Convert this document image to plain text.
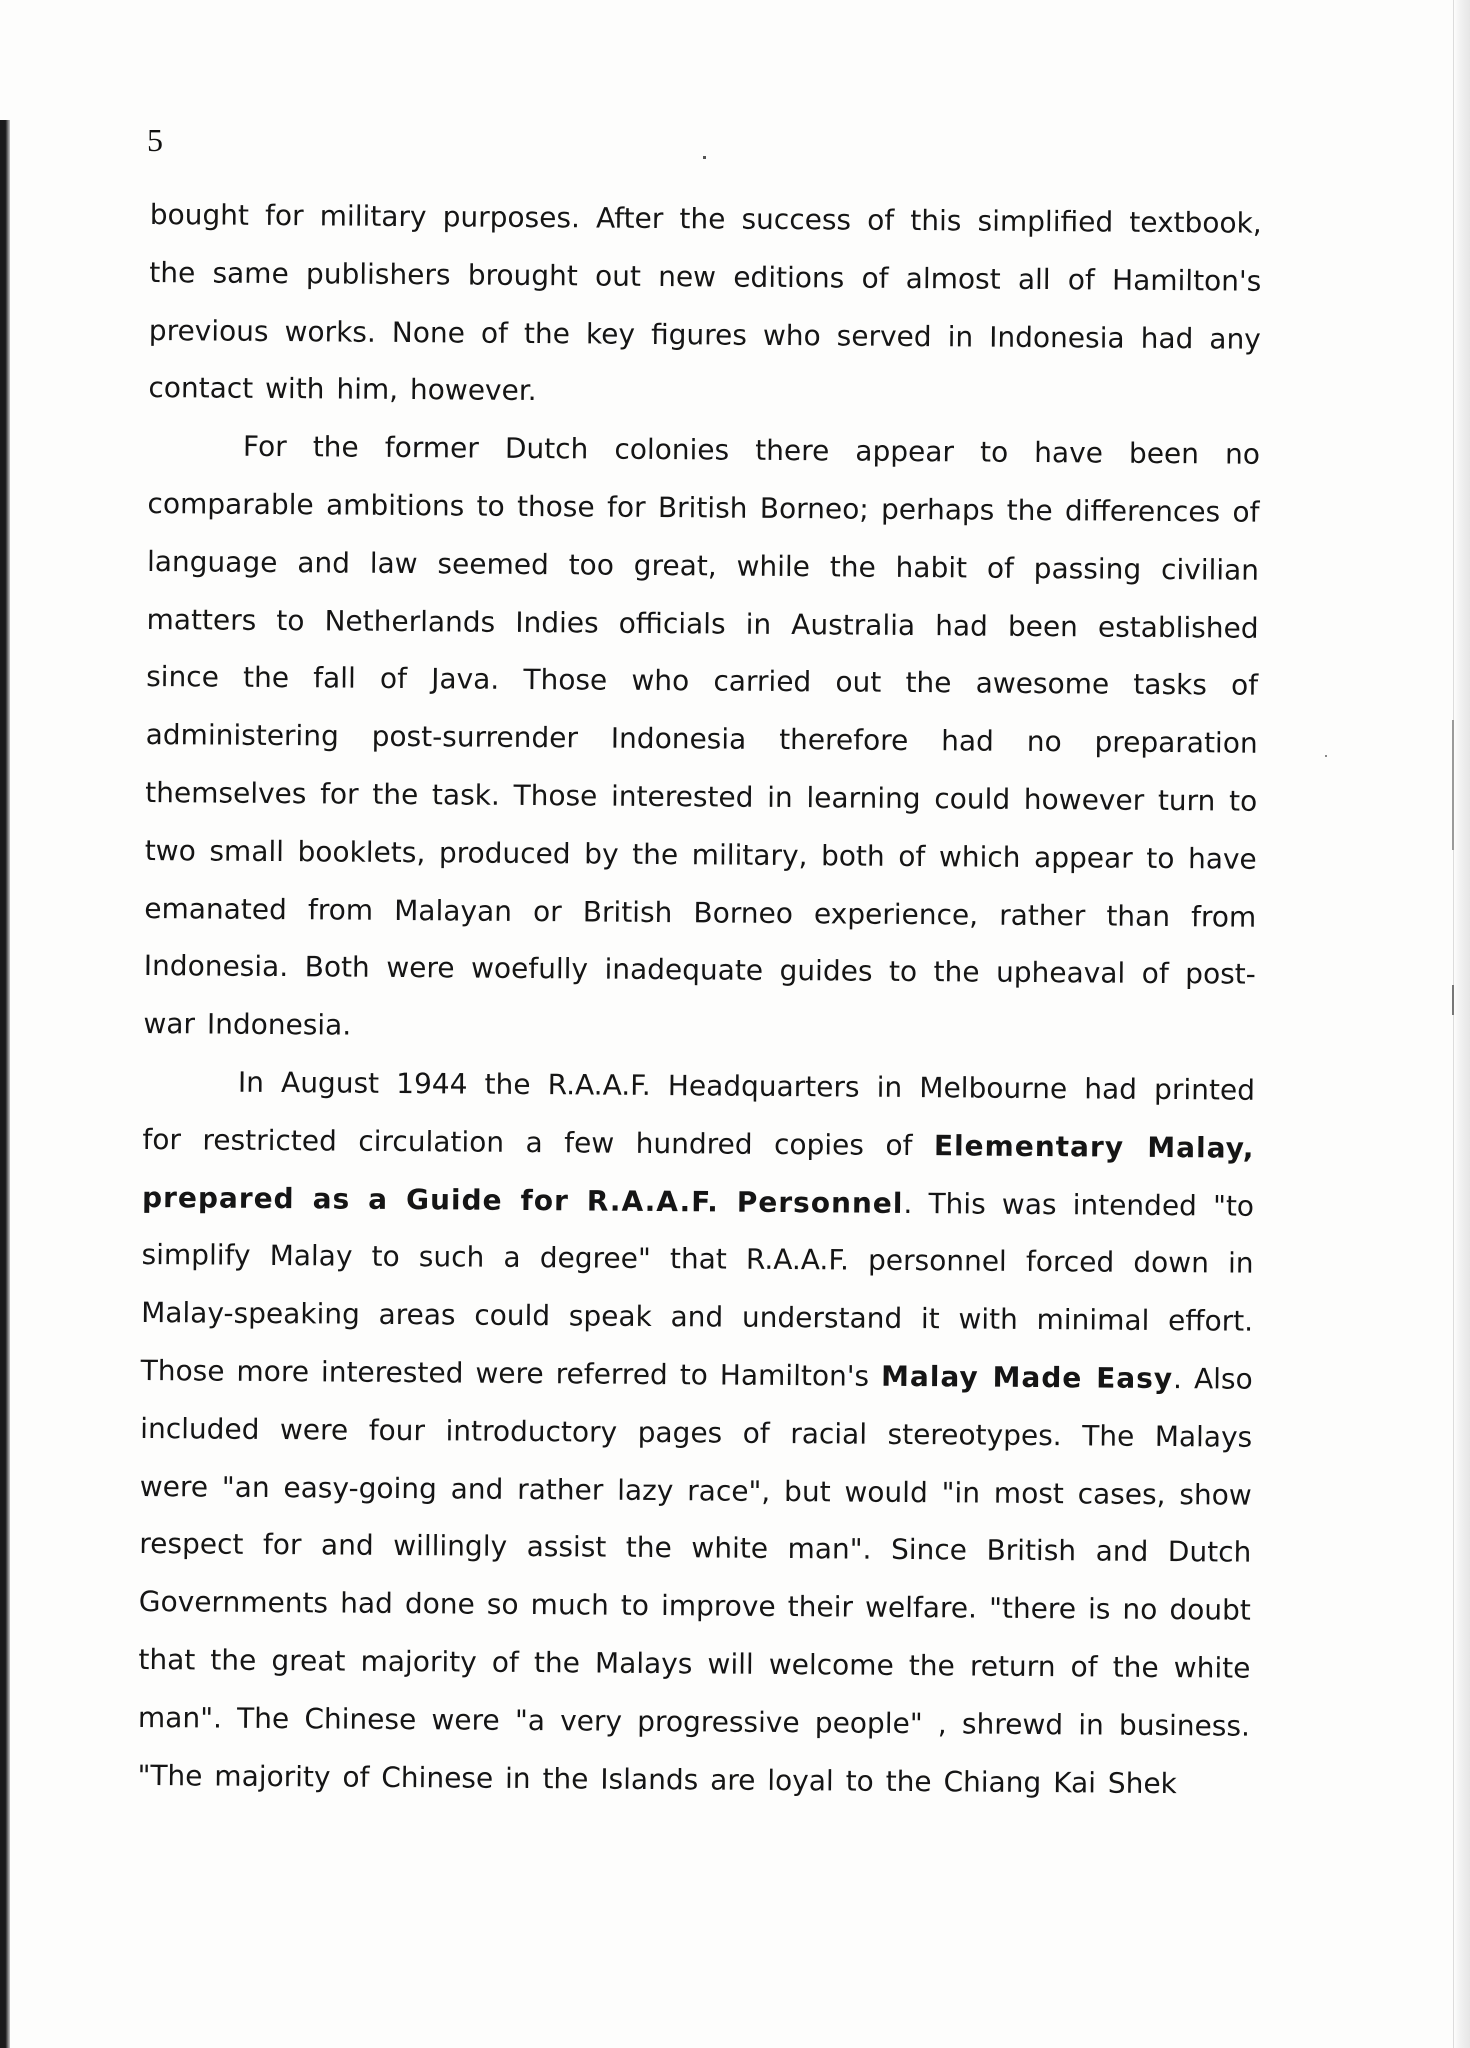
5

bought for military purposes. After the success of this simplified textbook, the same publishers brought out new editions of almost all of Hamilton's previous works. None of the key figures who served in Indonesia had any contact with him, however.

For the former Dutch colonies there appear to have been no comparable ambitions to those for British Borneo; perhaps the differences of language and law seemed too great, while the habit of passing civilian matters to Netherlands Indies officials in Australia had been established since the fall of Java. Those who carried out the awesome tasks of administering post-surrender Indonesia therefore had no preparation themselves for the task. Those interested in learning could however turn to two small booklets, produced by the military, both of which appear to have emanated from Malayan or British Borneo experience, rather than from Indonesia. Both were woefully inadequate guides to the upheaval of post-war Indonesia.

In August 1944 the R.A.A.F. Headquarters in Melbourne had printed for restricted circulation a few hundred copies of Elementary Malay, prepared as a Guide for R.A.A.F. Personnel. This was intended "to simplify Malay to such a degree" that R.A.A.F. personnel forced down in Malay-speaking areas could speak and understand it with minimal effort. Those more interested were referred to Hamilton's Malay Made Easy. Also included were four introductory pages of racial stereotypes. The Malays were "an easy-going and rather lazy race", but would "in most cases, show respect for and willingly assist the white man". Since British and Dutch Governments had done so much to improve their welfare. "there is no doubt that the great majority of the Malays will welcome the return of the white man". The Chinese were "a very progressive people" , shrewd in business. "The majority of Chinese in the Islands are loyal to the Chiang Kai Shek
